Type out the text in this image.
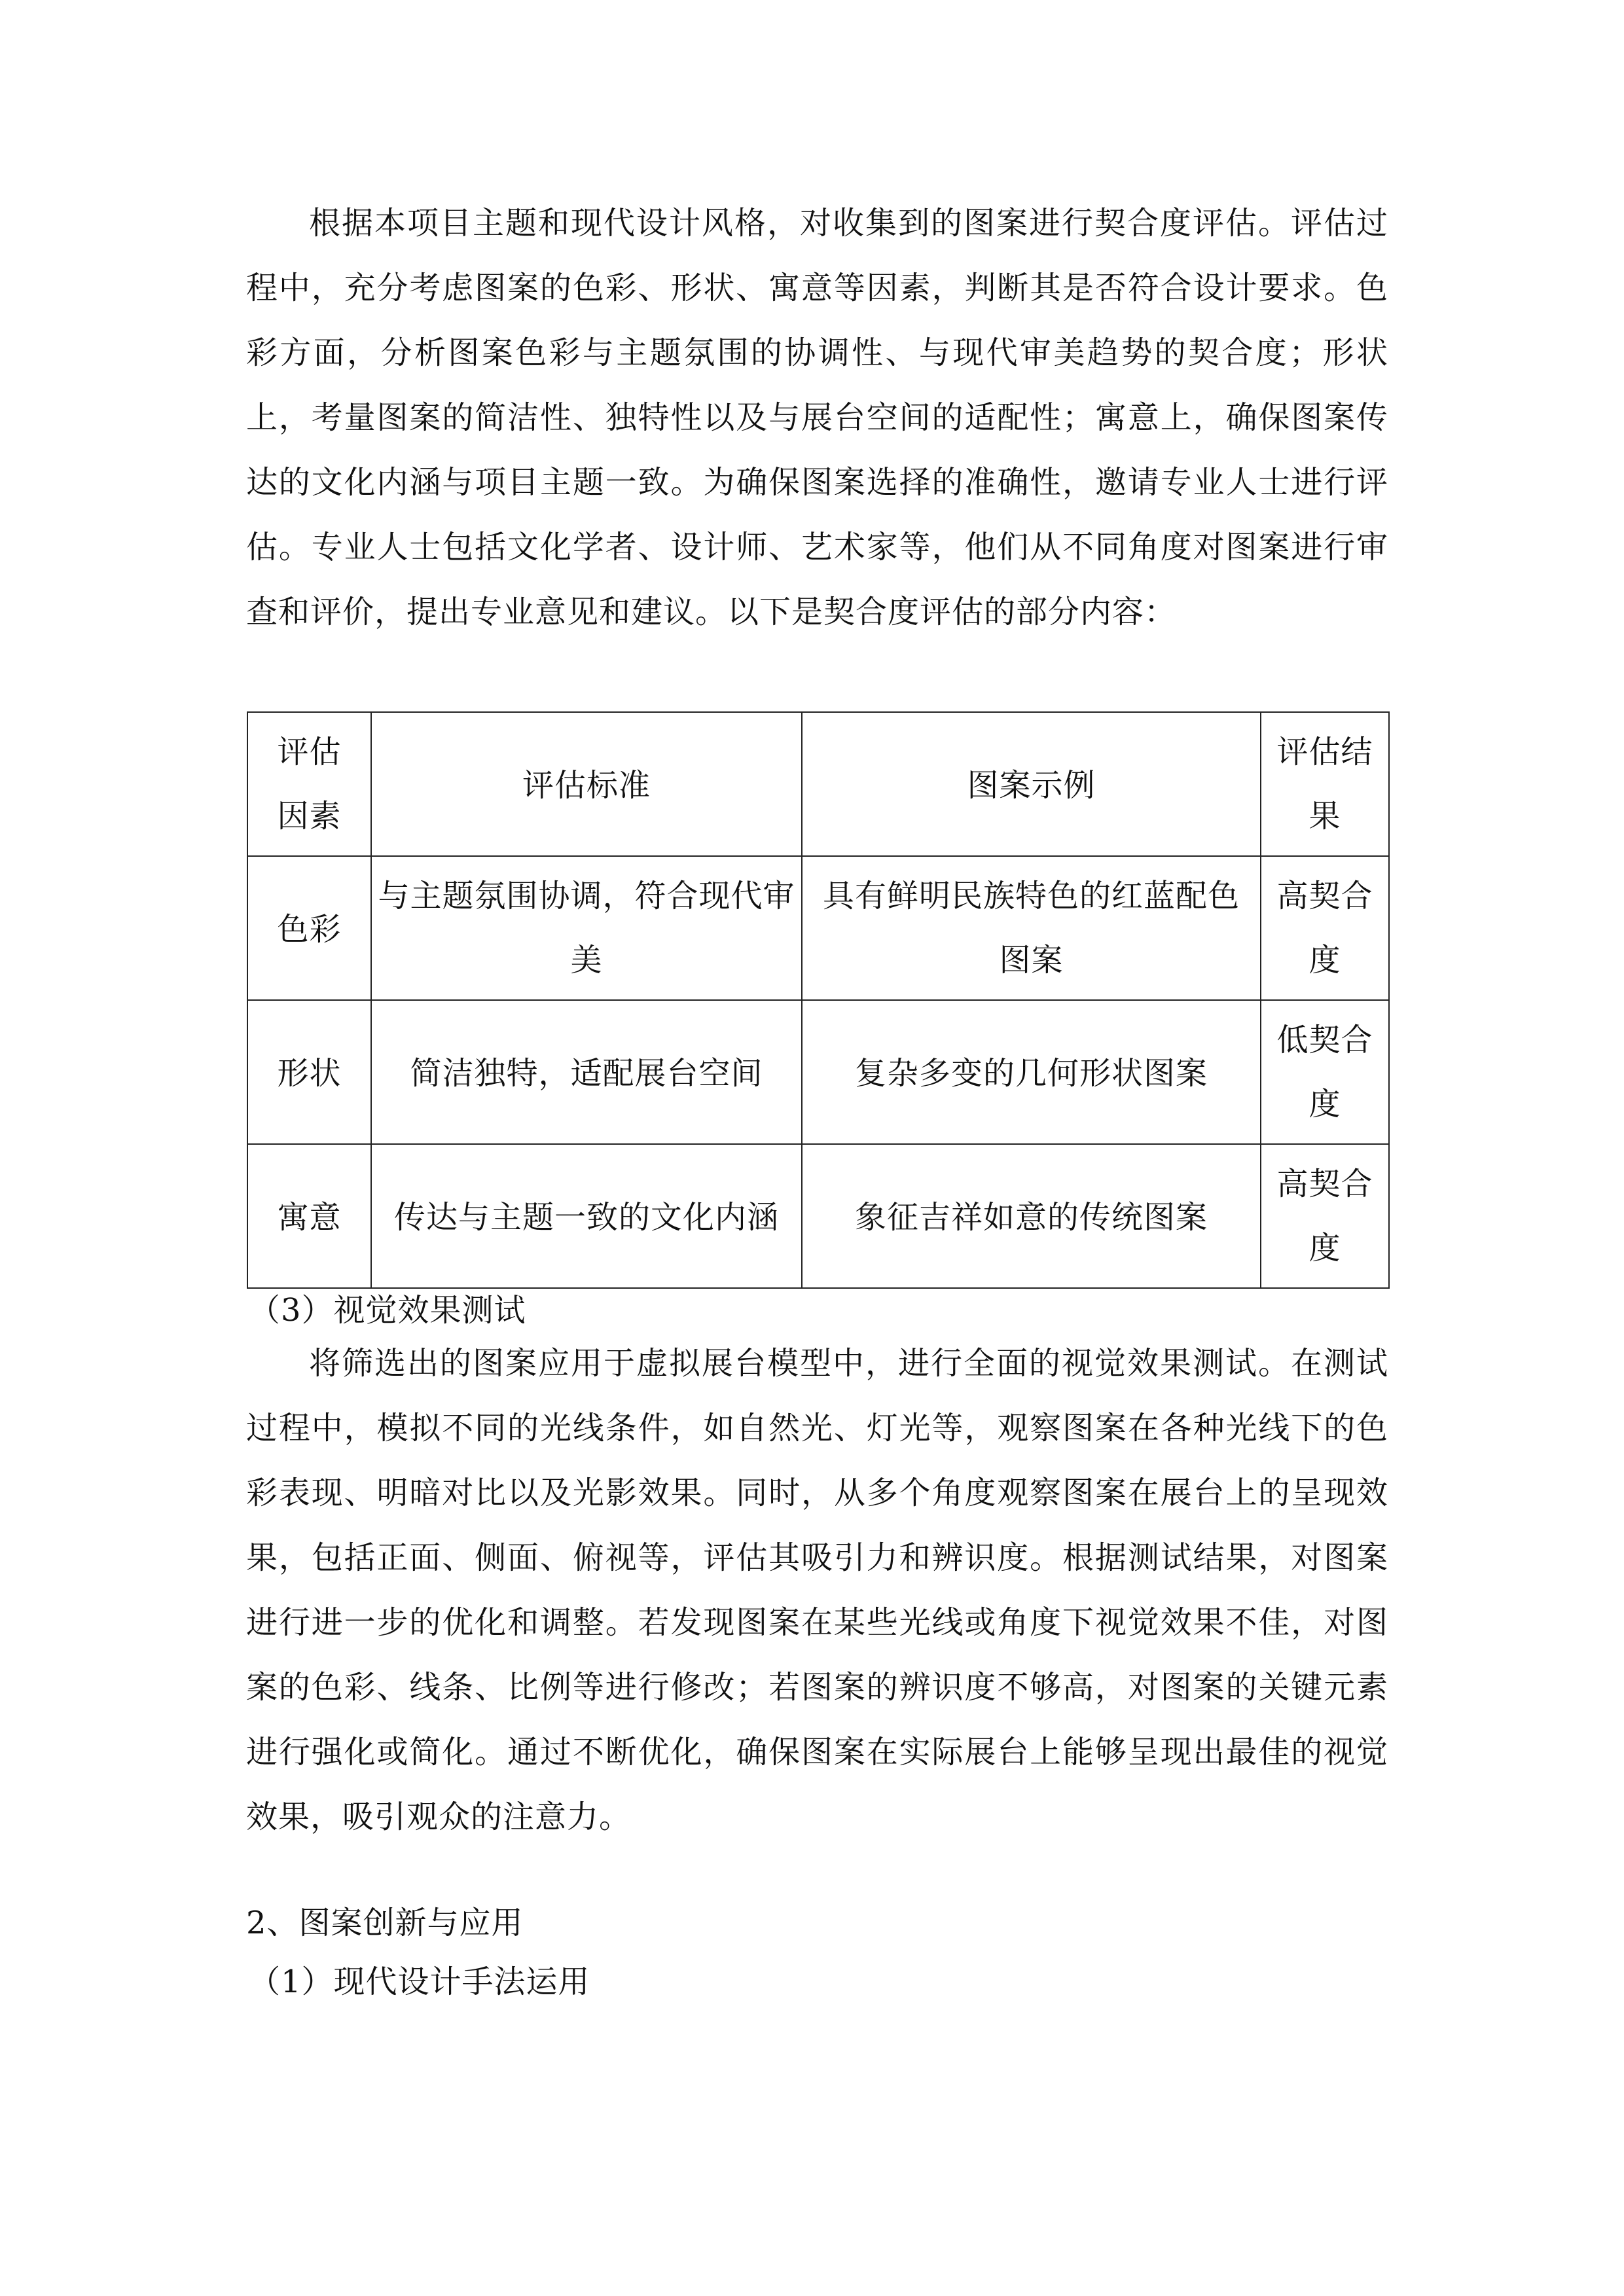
根据本项目主题和现代设计风格，对收集到的图案进行契合度评估。评估过程中，充分考虑图案的色彩、形状、寓意等因素，判断其是否符合设计要求。色彩方面，分析图案色彩与主题氛围的协调性、与现代审美趋势的契合度；形状上，考量图案的简洁性、独特性以及与展台空间的适配性；寓意上，确保图案传达的文化内涵与项目主题一致。为确保图案选择的准确性，邀请专业人士进行评估。专业人士包括文化学者、设计师、艺术家等，他们从不同角度对图案进行审查和评价，提出专业意见和建议。以下是契合度评估的部分内容：

评估因素	评估标准	图案示例	评估结果
色彩	与主题氛围协调，符合现代审美	具有鲜明民族特色的红蓝配色图案	高契合度
形状	简洁独特，适配展台空间	复杂多变的几何形状图案	低契合度
寓意	传达与主题一致的文化内涵	象征吉祥如意的传统图案	高契合度

（3）视觉效果测试

将筛选出的图案应用于虚拟展台模型中，进行全面的视觉效果测试。在测试过程中，模拟不同的光线条件，如自然光、灯光等，观察图案在各种光线下的色彩表现、明暗对比以及光影效果。同时，从多个角度观察图案在展台上的呈现效果，包括正面、侧面、俯视等，评估其吸引力和辨识度。根据测试结果，对图案进行进一步的优化和调整。若发现图案在某些光线或角度下视觉效果不佳，对图案的色彩、线条、比例等进行修改；若图案的辨识度不够高，对图案的关键元素进行强化或简化。通过不断优化，确保图案在实际展台上能够呈现出最佳的视觉效果，吸引观众的注意力。

2、图案创新与应用

（1）现代设计手法运用
